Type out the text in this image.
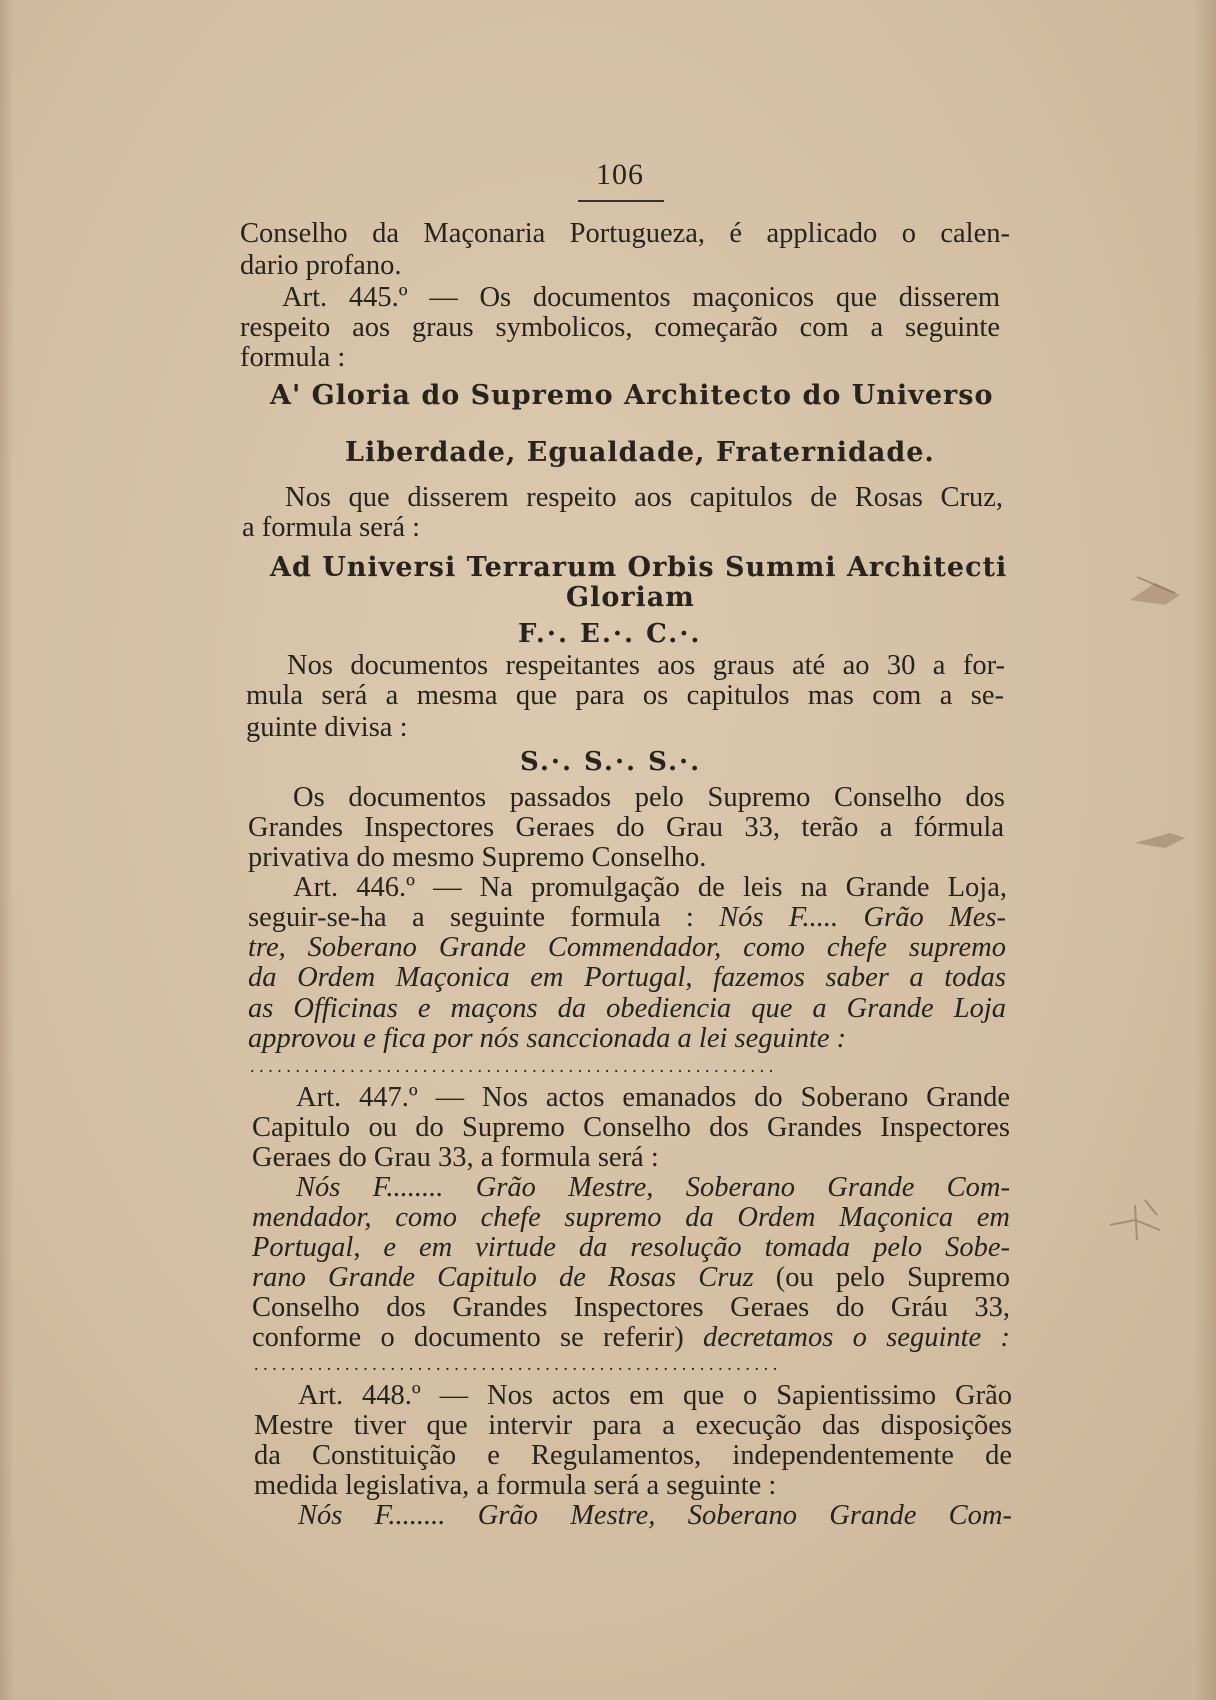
106
Conselho da Maçonaria Portugueza, é applicado o calen-
dario profano.
Art. 445.º — Os documentos maçonicos que disserem
respeito aos graus symbolicos, começarão com a seguinte
formula :
A' Gloria do Supremo Architecto do Universo
Liberdade, Egualdade, Fraternidade.
Nos que disserem respeito aos capitulos de Rosas Cruz,
a formula será :
Ad Universi Terrarum Orbis Summi Architecti
Gloriam
F.·. E.·. C.·.
Nos documentos respeitantes aos graus até ao 30 a for-
mula será a mesma que para os capitulos mas com a se-
guinte divisa :
S.·. S.·. S.·.
Os documentos passados pelo Supremo Conselho dos
Grandes Inspectores Geraes do Grau 33, terão a fórmula
privativa do mesmo Supremo Conselho.
Art. 446.º — Na promulgação de leis na Grande Loja,
seguir-se-ha a seguinte formula : Nós F..... Grão Mes-
tre, Soberano Grande Commendador, como chefe supremo
da Ordem Maçonica em Portugal, fazemos saber a todas
as Officinas e maçons da obediencia que a Grande Loja
approvou e fica por nós sanccionada a lei seguinte :
..........................................................
Art. 447.º — Nos actos emanados do Soberano Grande
Capitulo ou do Supremo Conselho dos Grandes Inspectores
Geraes do Grau 33, a formula será :
Nós F........ Grão Mestre, Soberano Grande Com-
mendador, como chefe supremo da Ordem Maçonica em
Portugal, e em virtude da resolução tomada pelo Sobe-
rano Grande Capitulo de Rosas Cruz (ou pelo Supremo
Conselho dos Grandes Inspectores Geraes do Gráu 33,
conforme o documento se referir) decretamos o seguinte :
..........................................................
Art. 448.º — Nos actos em que o Sapientissimo Grão
Mestre tiver que intervir para a execução das disposições
da Constituição e Regulamentos, independentemente de
medida legislativa, a formula será a seguinte :
Nós F........ Grão Mestre, Soberano Grande Com-
